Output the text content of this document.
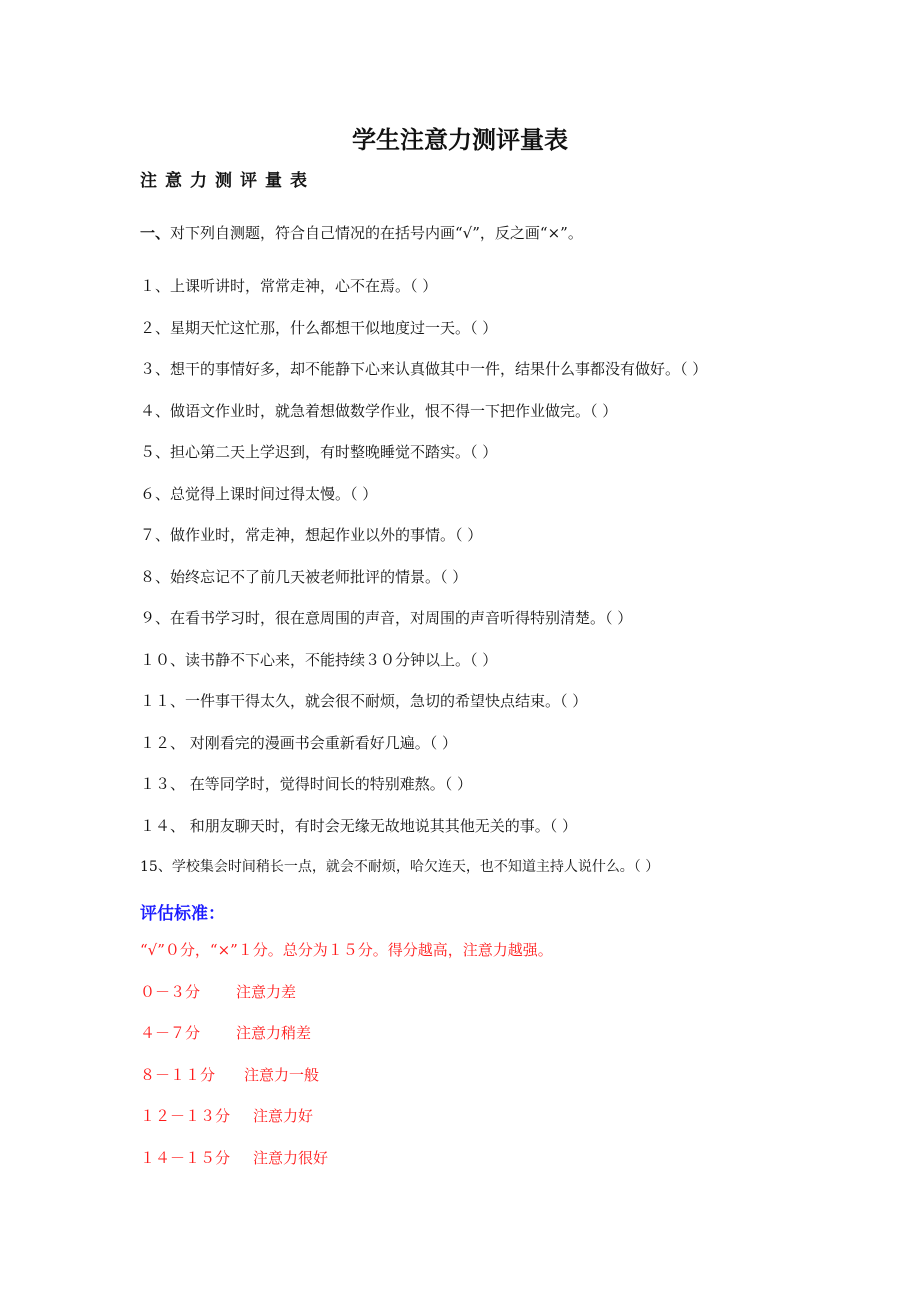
学生注意力测评量表
注意力测评量表
一、对下列自测题，符合自己情况的在括号内画“√”，反之画“×”。
１、上课听讲时，常常走神，心不在焉。（ ）
２、星期天忙这忙那，什么都想干似地度过一天。（ ）
３、想干的事情好多，却不能静下心来认真做其中一件，结果什么事都没有做好。（ ）
４、做语文作业时，就急着想做数学作业，恨不得一下把作业做完。（ ）
５、担心第二天上学迟到，有时整晚睡觉不踏实。（ ）
６、总觉得上课时间过得太慢。（ ）
７、做作业时，常走神，想起作业以外的事情。（ ）
８、始终忘记不了前几天被老师批评的情景。（ ）
９、在看书学习时，很在意周围的声音，对周围的声音听得特别清楚。（ ）
１０、读书静不下心来，不能持续３０分钟以上。（ ）
１１、一件事干得太久，就会很不耐烦，急切的希望快点结束。（ ）
１２、 对刚看完的漫画书会重新看好几遍。（ ）
１３、 在等同学时，觉得时间长的特别难熬。（ ）
１４、 和朋友聊天时，有时会无缘无故地说其其他无关的事。（ ）
15、学校集会时间稍长一点，就会不耐烦，哈欠连天，也不知道主持人说什么。（ ）
评估标准：
“√”０分，“×”１分。总分为１５分。得分越高，注意力越强。
０－３分 注意力差
４－７分 注意力稍差
８－１１分 注意力一般
１２－１３分 注意力好
１４－１５分 注意力很好
